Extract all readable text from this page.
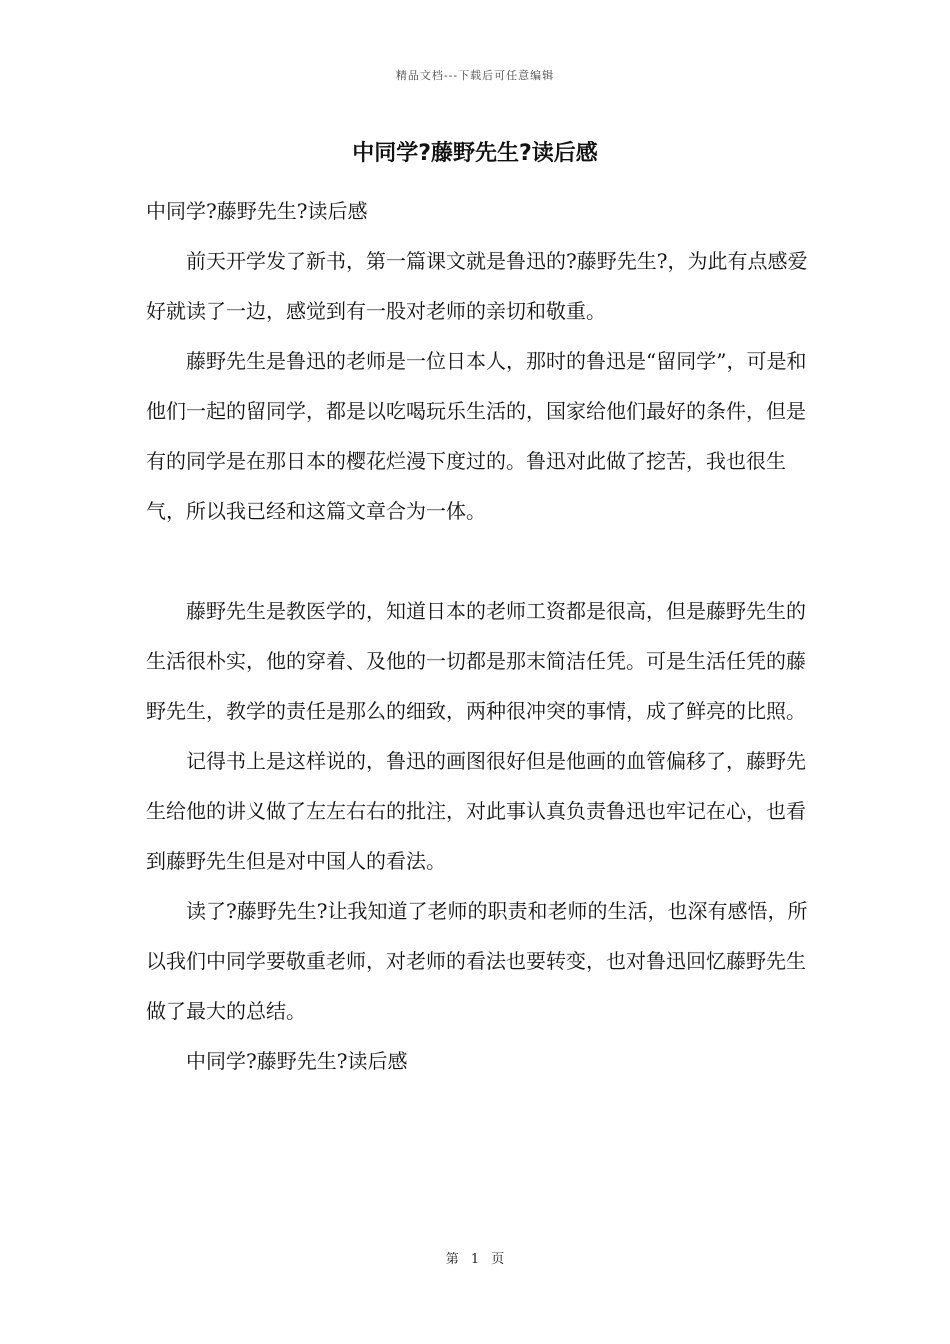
精品文档---下载后可任意编辑
中同学?藤野先生?读后感

中同学?藤野先生?读后感

前天开学发了新书，第一篇课文就是鲁迅的?藤野先生?，为此有点感爱好就读了一边，感觉到有一股对老师的亲切和敬重。

藤野先生是鲁迅的老师是一位日本人，那时的鲁迅是“留同学”，可是和他们一起的留同学，都是以吃喝玩乐生活的，国家给他们最好的条件，但是有的同学是在那日本的樱花烂漫下度过的。鲁迅对此做了挖苦，我也很生气，所以我已经和这篇文章合为一体。

藤野先生是教医学的，知道日本的老师工资都是很高，但是藤野先生的生活很朴实，他的穿着、及他的一切都是那末简洁任凭。可是生活任凭的藤野先生，教学的责任是那么的细致，两种很冲突的事情，成了鲜亮的比照。

记得书上是这样说的，鲁迅的画图很好但是他画的血管偏移了，藤野先生给他的讲义做了左左右右的批注，对此事认真负责鲁迅也牢记在心，也看到藤野先生但是对中国人的看法。

读了?藤野先生?让我知道了老师的职责和老师的生活，也深有感悟，所以我们中同学要敬重老师，对老师的看法也要转变，也对鲁迅回忆藤野先生做了最大的总结。

中同学?藤野先生?读后感

第 1 页
